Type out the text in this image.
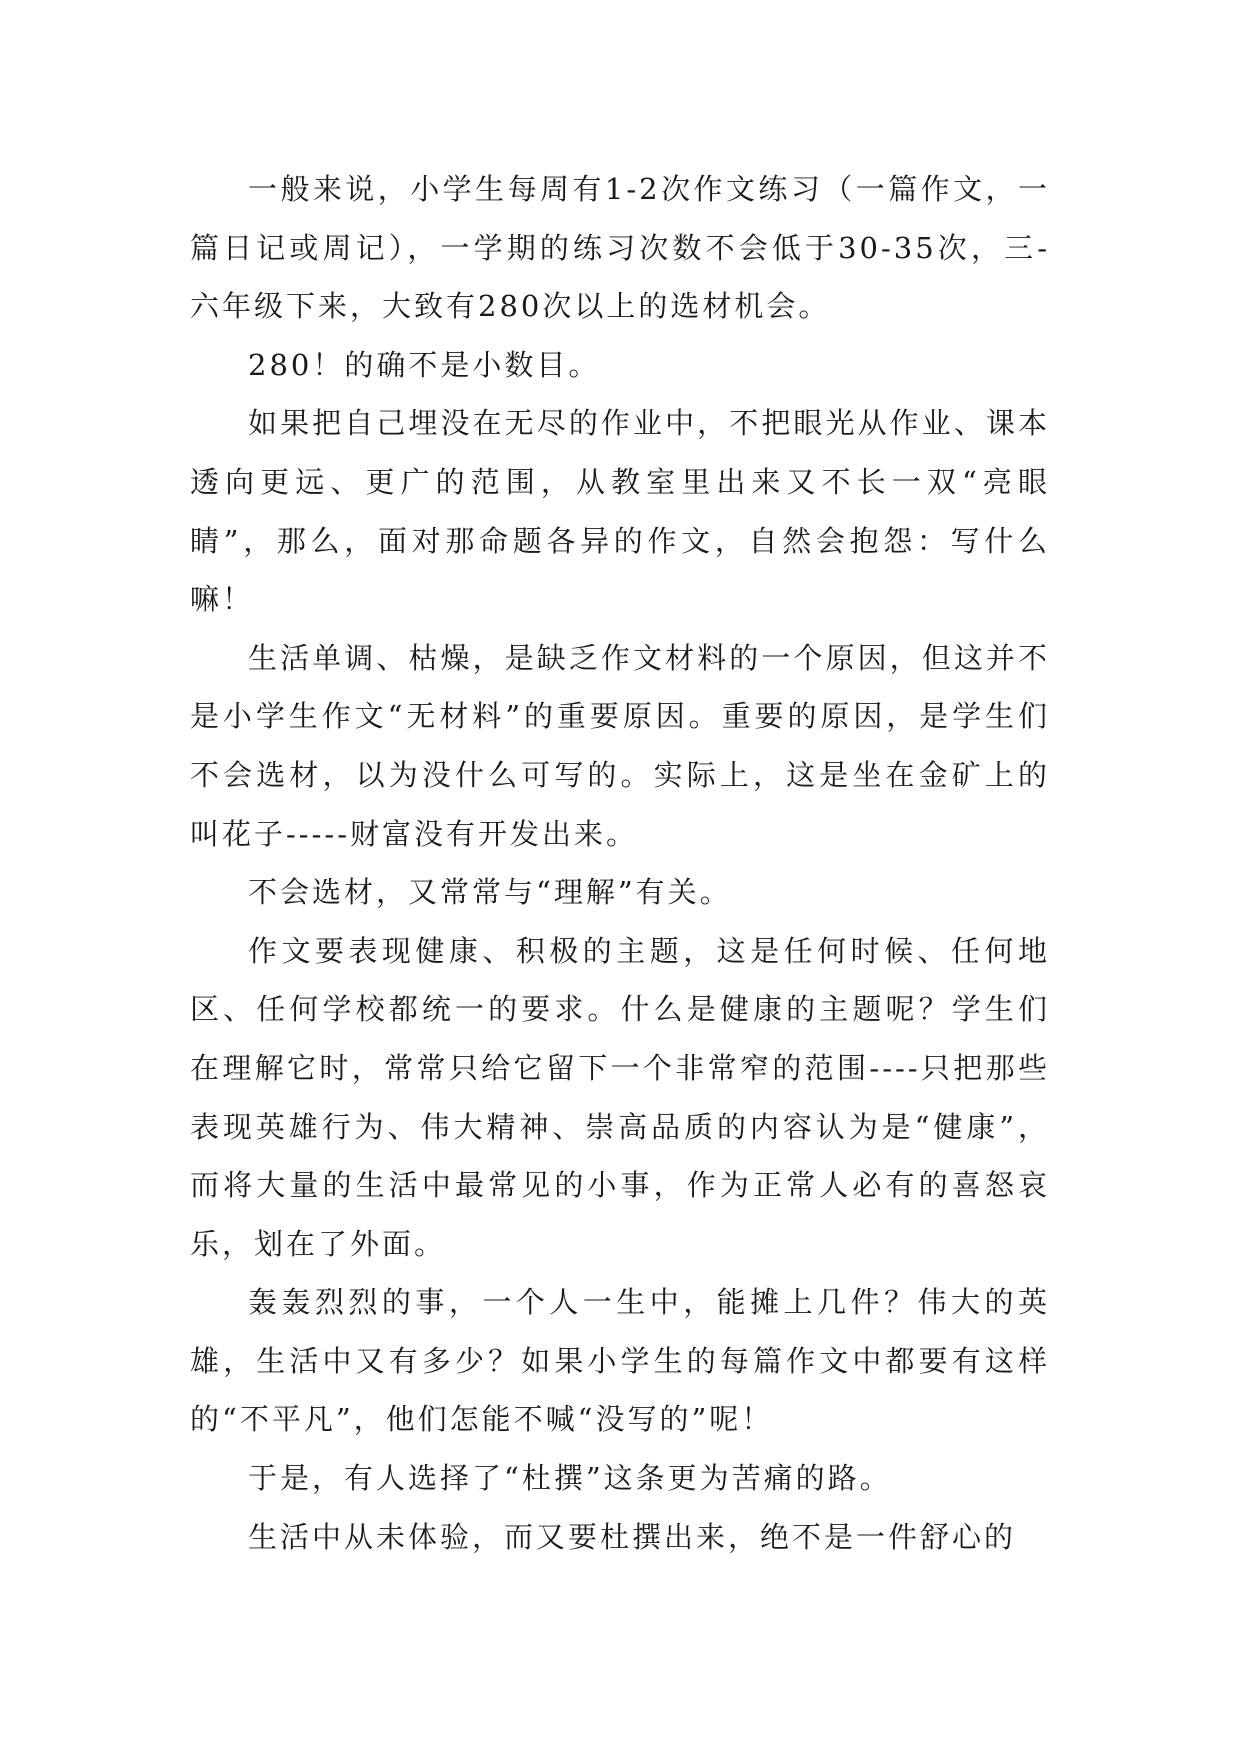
一般来说，小学生每周有1-2次作文练习（一篇作文，一篇日记或周记），一学期的练习次数不会低于30-35次，三-六年级下来，大致有280次以上的选材机会。

280！的确不是小数目。

如果把自己埋没在无尽的作业中，不把眼光从作业、课本透向更远、更广的范围，从教室里出来又不长一双“亮眼睛”，那么，面对那命题各异的作文，自然会抱怨：写什么嘛！

生活单调、枯燥，是缺乏作文材料的一个原因，但这并不是小学生作文“无材料”的重要原因。重要的原因，是学生们不会选材，以为没什么可写的。实际上，这是坐在金矿上的叫花子-----财富没有开发出来。

不会选材，又常常与“理解”有关。

作文要表现健康、积极的主题，这是任何时候、任何地区、任何学校都统一的要求。什么是健康的主题呢？学生们在理解它时，常常只给它留下一个非常窄的范围----只把那些表现英雄行为、伟大精神、崇高品质的内容认为是“健康”，而将大量的生活中最常见的小事，作为正常人必有的喜怒哀乐，划在了外面。

轰轰烈烈的事，一个人一生中，能摊上几件？伟大的英雄，生活中又有多少？如果小学生的每篇作文中都要有这样的“不平凡”，他们怎能不喊“没写的”呢！

于是，有人选择了“杜撰”这条更为苦痛的路。

生活中从未体验，而又要杜撰出来，绝不是一件舒心的
